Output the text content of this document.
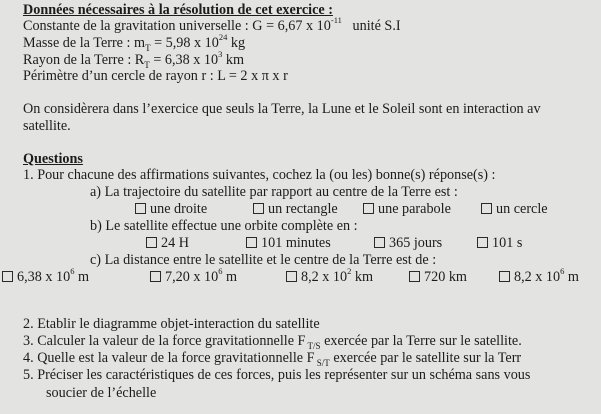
Données nécessaires à la résolution de cet exercice :
Constante de la gravitation universelle : G = 6,67 x $10^{-11}$ unité S.I
Masse de la Terre : $m_T = 5,98$ x $10^{24}$ kg
Rayon de la Terre : $R_T = 6,38$ x $10^3$ km
Périmètre d’un cercle de rayon r : L = 2 x π x r
On considèrera dans l’exercice que seuls la Terre, la Lune et le Soleil sont en interaction av
satellite.
Questions
1. Pour chacune des affirmations suivantes, cochez la (ou les) bonne(s) réponse(s) :
a) La trajectoire du satellite par rapport au centre de la Terre est :
une droite	un rectangle	une parabole	un cercle
b) Le satellite effectue une orbite complète en :
24 H	101 minutes	365 jours	101 s
c) La distance entre le satellite et le centre de la Terre est de :
6,38 x $10^6$ m	7,20 x $10^6$ m	8,2 x $10^2$ km	720 km	8,2 x $10^6$ m
2. Etablir le diagramme objet-interaction du satellite
3. Calculer la valeur de la force gravitationnelle F $_{T/S}$ exercée par la Terre sur le satellite.
4. Quelle est la valeur de la force gravitationnelle F $_{S/T}$ exercée par le satellite sur la Terr
5. Préciser les caractéristiques de ces forces, puis les représenter sur un schéma sans vous
soucier de l’échelle
